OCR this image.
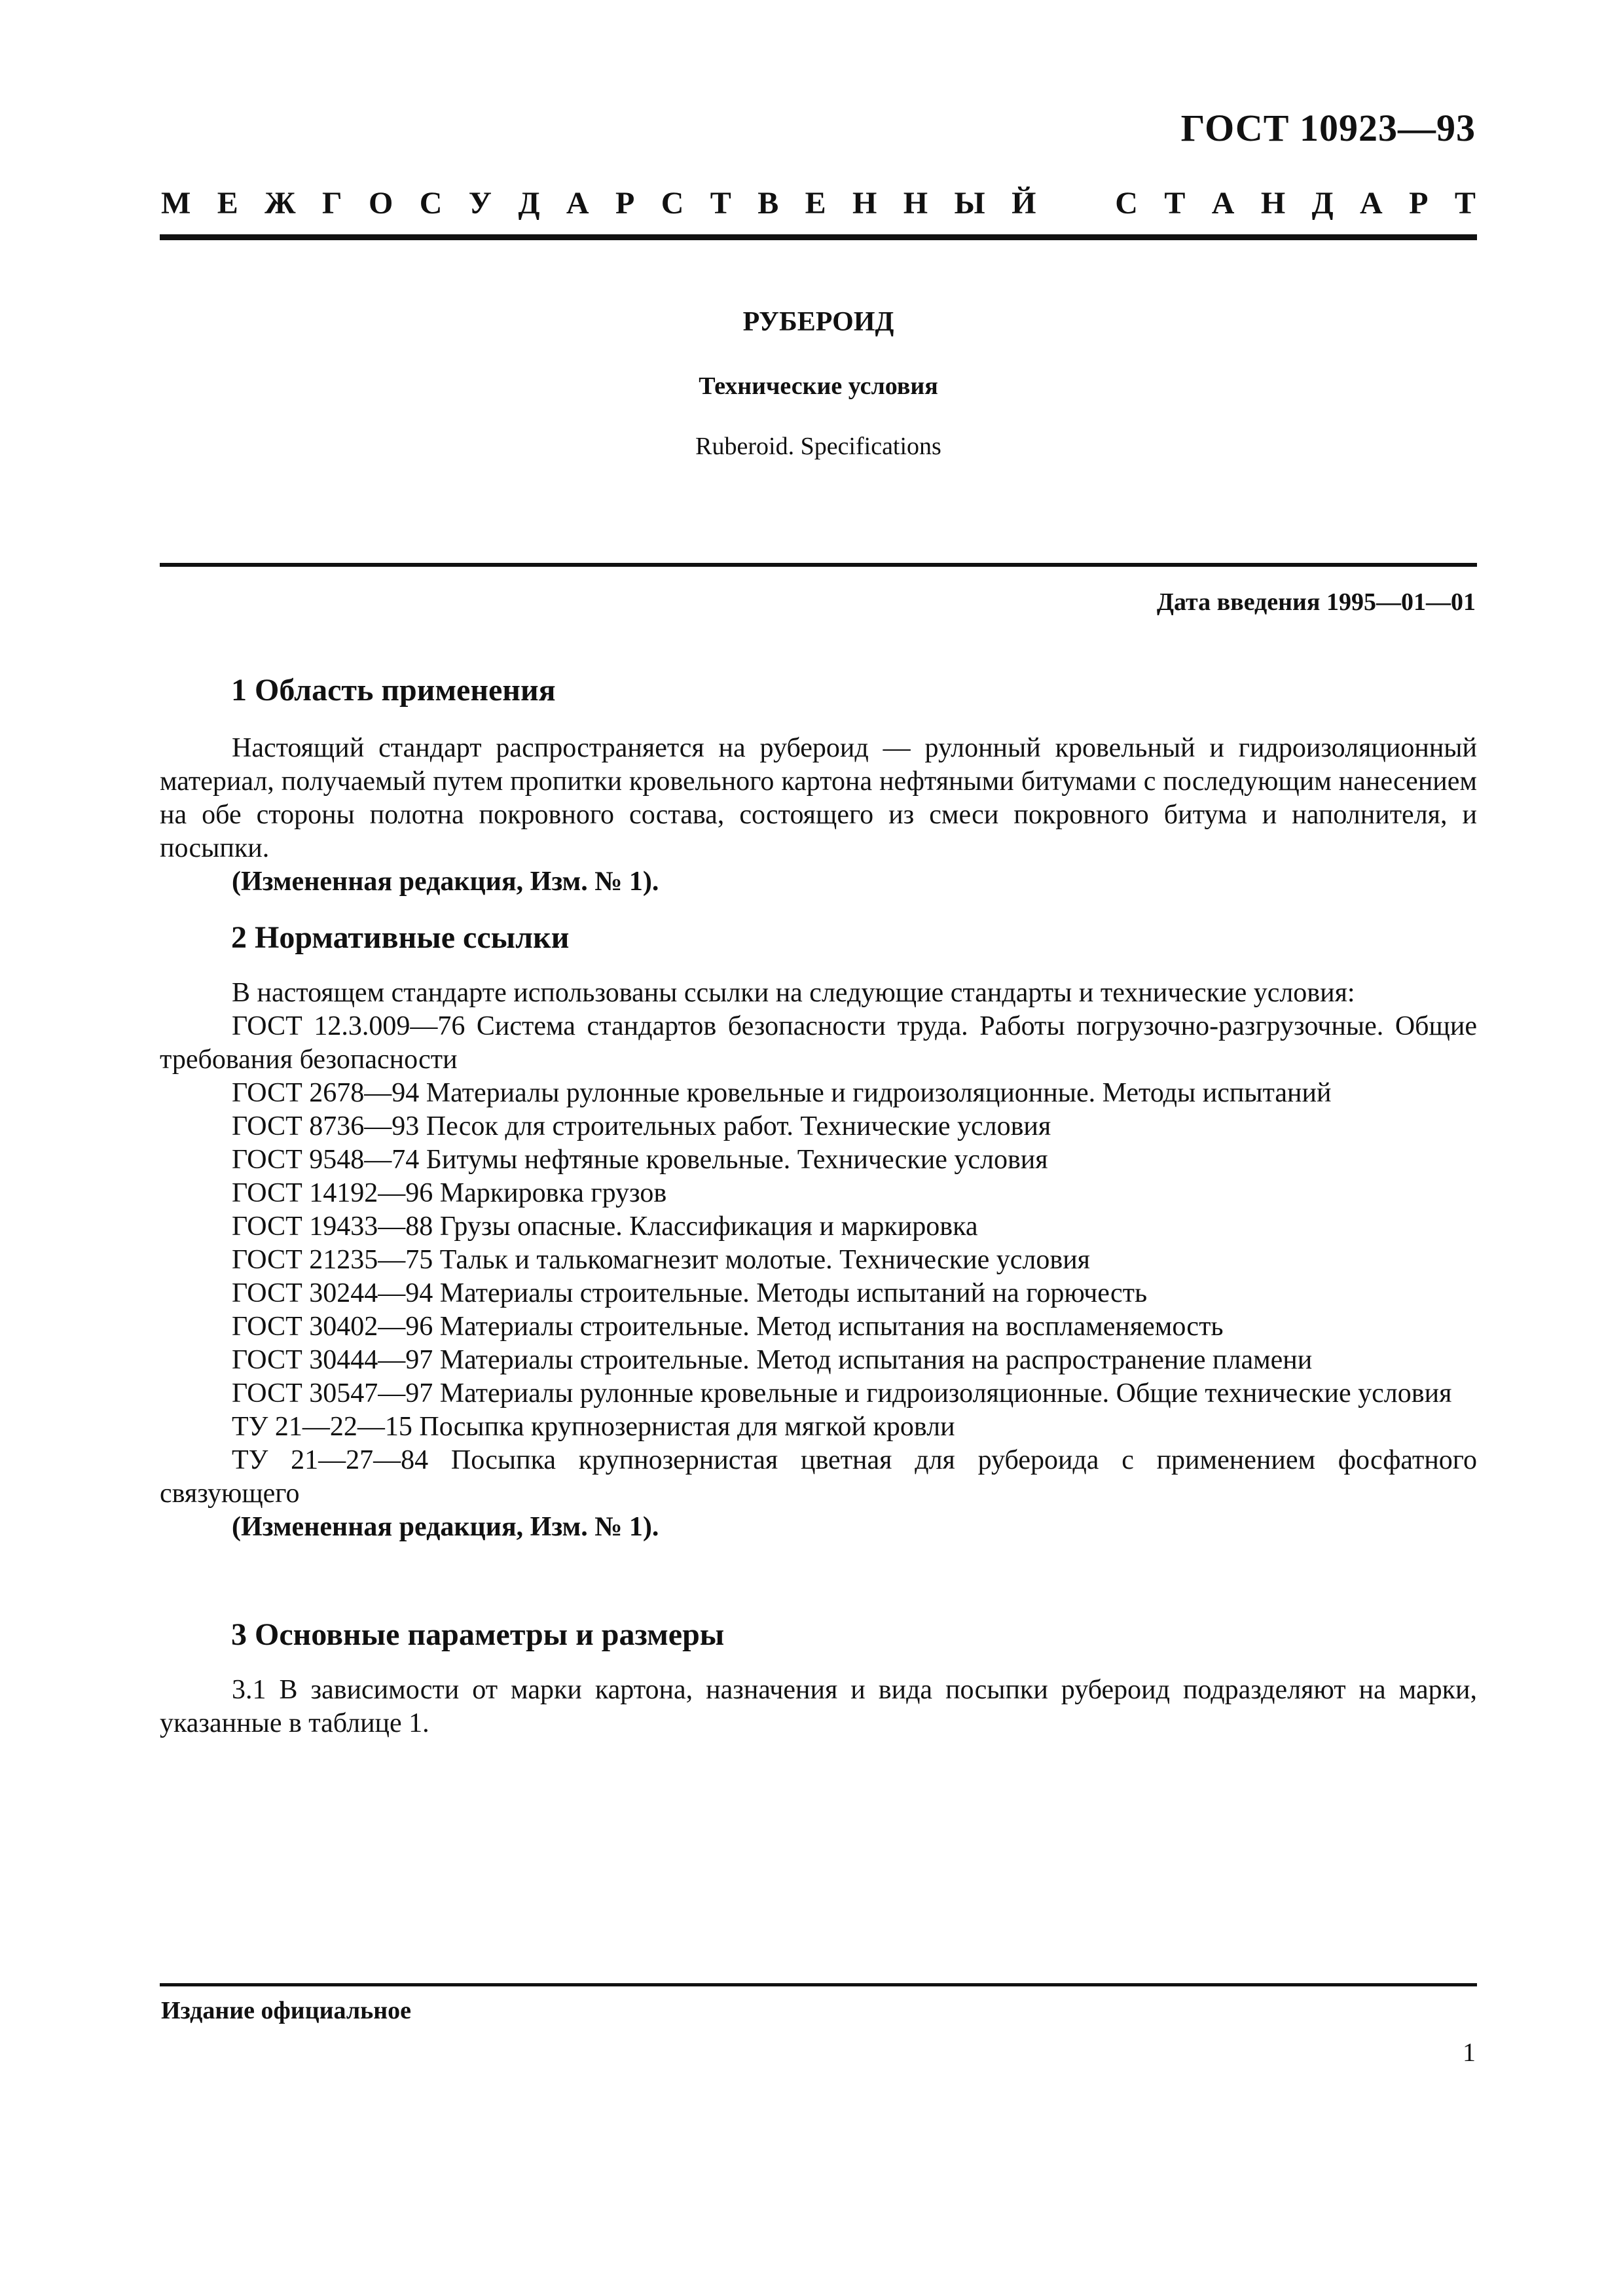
ГОСТ 10923—93
М Е Ж Г О С У Д А Р С Т В Е Н Н Ы Й	С Т А Н Д А Р Т
РУБЕРОИД
Технические условия
Ruberoid. Specifications
Дата введения 1995—01—01
1 Область применения

Настоящий стандарт распространяется на рубероид — рулонный кровельный и гидроизоляционный материал, получаемый путем пропитки кровельного картона нефтяными битумами с последующим нанесением на обе стороны полотна покровного состава, состоящего из смеси покровного битума и наполнителя, и посыпки.

(Измененная редакция, Изм. № 1).

2 Нормативные ссылки

В настоящем стандарте использованы ссылки на следующие стандарты и технические условия:

ГОСТ 12.3.009—76 Система стандартов безопасности труда. Работы погрузочно-разгрузочные. Общие требования безопасности

ГОСТ 2678—94 Материалы рулонные кровельные и гидроизоляционные. Методы испытаний

ГОСТ 8736—93 Песок для строительных работ. Технические условия

ГОСТ 9548—74 Битумы нефтяные кровельные. Технические условия

ГОСТ 14192—96 Маркировка грузов

ГОСТ 19433—88 Грузы опасные. Классификация и маркировка

ГОСТ 21235—75 Тальк и талькомагнезит молотые. Технические условия

ГОСТ 30244—94 Материалы строительные. Методы испытаний на горючесть

ГОСТ 30402—96 Материалы строительные. Метод испытания на воспламеняемость

ГОСТ 30444—97 Материалы строительные. Метод испытания на распространение пламени

ГОСТ 30547—97 Материалы рулонные кровельные и гидроизоляционные. Общие технические условия

ТУ 21—22—15 Посыпка крупнозернистая для мягкой кровли

ТУ 21—27—84 Посыпка крупнозернистая цветная для рубероида с применением фосфатного связующего

(Измененная редакция, Изм. № 1).

3 Основные параметры и размеры

3.1 В зависимости от марки картона, назначения и вида посыпки рубероид подразделяют на марки, указанные в таблице 1.

Издание официальное
1
